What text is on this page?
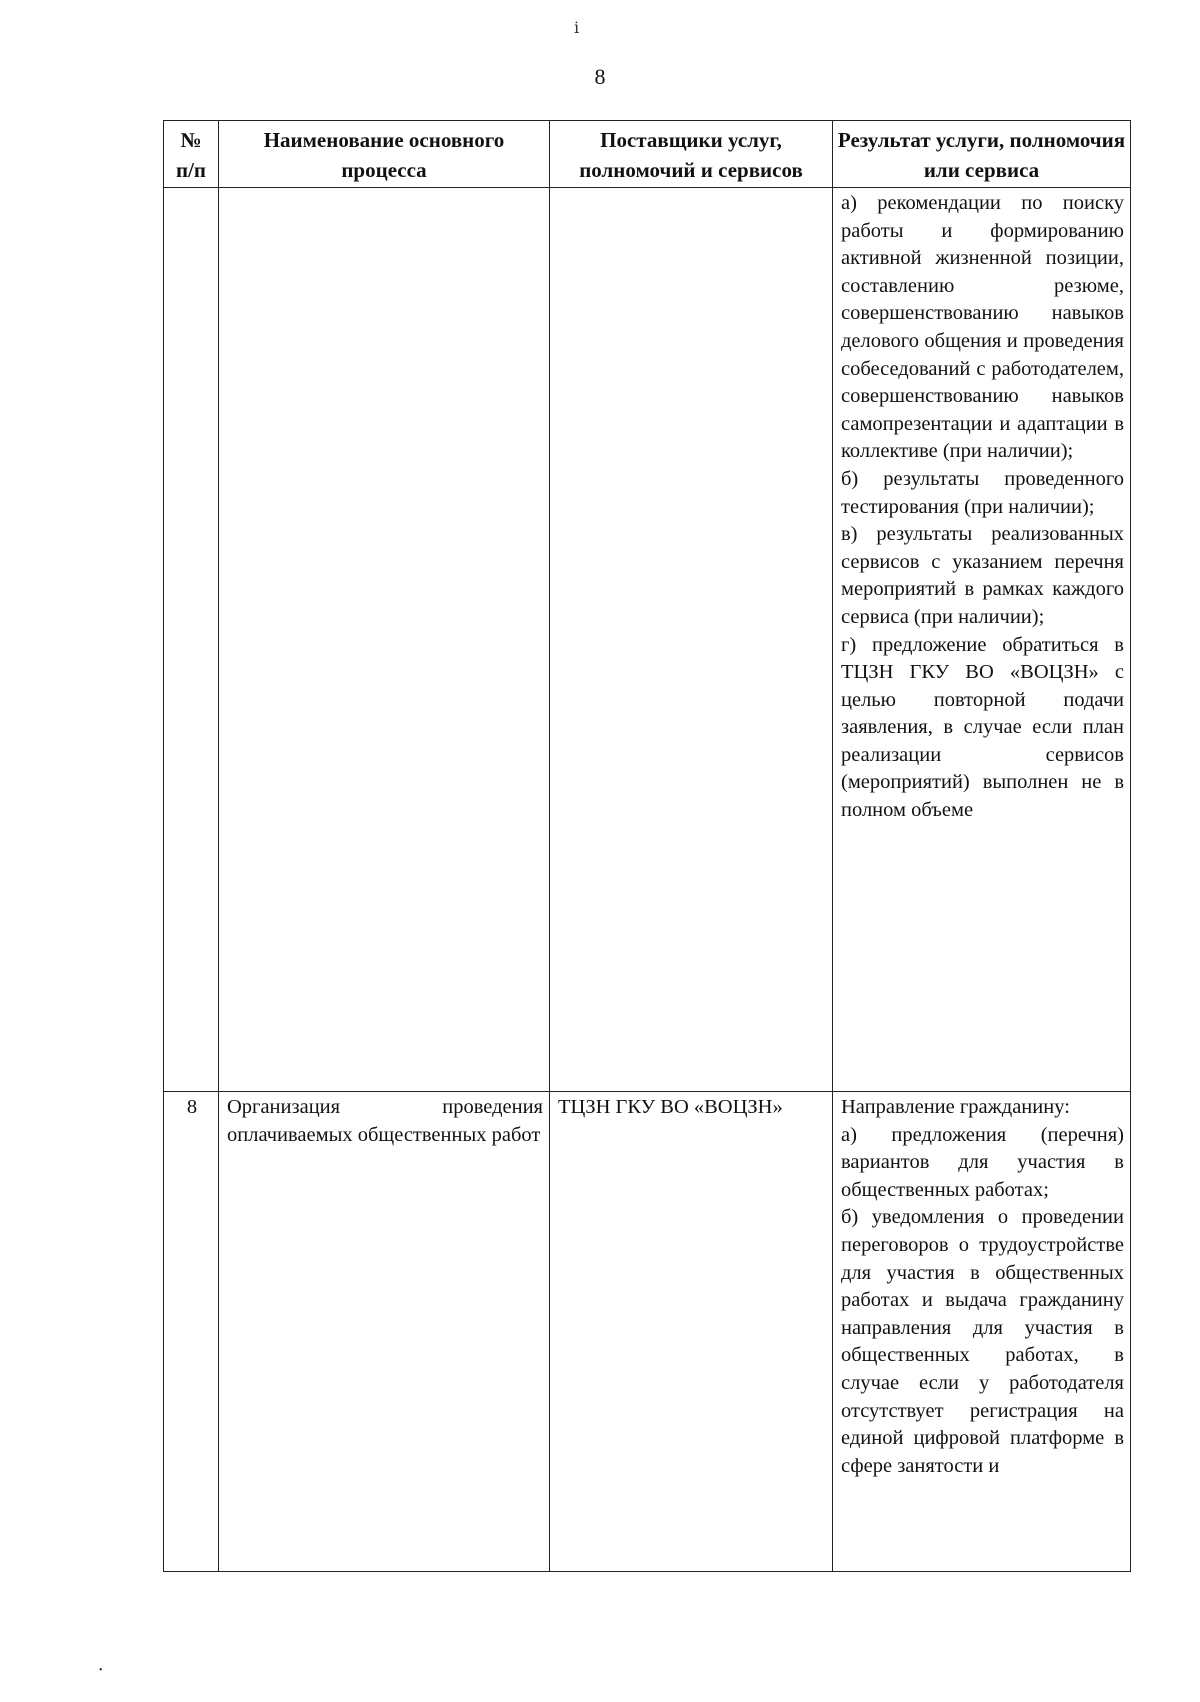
ⅰ
•
8
№ п/п	Наименование основного процесса	Поставщики услуг, полномочий и сервисов	Результат услуги, полномочия или сервиса

			а) рекомендации по поиску работы и формированию активной жизненной позиции, составлению резюме, совершенствованию навыков делового общения и проведения собеседований с работодателем, совершенствованию навыков самопрезентации и адаптации в коллективе (при наличии);
б) результаты проведенного тестирования (при наличии);
в) результаты реализованных сервисов с указанием перечня мероприятий в рамках каждого сервиса (при наличии);
г) предложение обратиться в ТЦЗН ГКУ ВО «ВОЦЗН» с целью повторной подачи заявления, в случае если план реализации сервисов (мероприятий) выполнен не в полном объеме

8	Организация проведения оплачиваемых общественных работ	ТЦЗН ГКУ ВО «ВОЦЗН»	Направление гражданину:
а) предложения (перечня) вариантов для участия в общественных работах;
б) уведомления о проведении переговоров о трудоустройстве для участия в общественных работах и выдача гражданину направления для участия в общественных работах, в случае если у работодателя отсутствует регистрация на единой цифровой платформе в сфере занятости и
